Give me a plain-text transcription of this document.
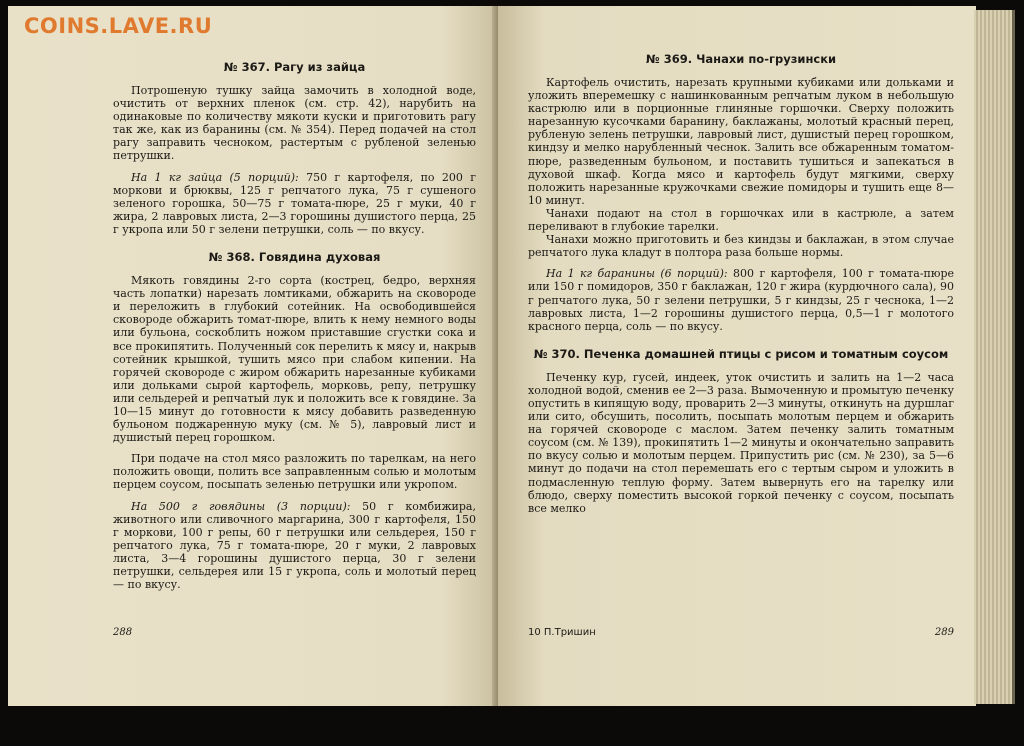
№ 367. Рагу из зайца

Потрошеную тушку зайца замочить в холодной воде, очистить от верхних пленок (см. стр. 42), нарубить на одинаковые по количеству мякоти куски и приготовить рагу так же, как из баранины (см. № 354). Перед подачей на стол рагу заправить чесноком, растертым с рубленой зеленью петрушки.

На 1 кг зайца (5 порций): 750 г картофеля, по 200 г моркови и брюквы, 125 г репчатого лука, 75 г сушеного зеленого горошка, 50—75 г томата-пюре, 25 г муки, 40 г жира, 2 лавровых листа, 2—3 горошины душистого перца, 25 г укропа или 50 г зелени петрушки, соль — по вкусу.

№ 368. Говядина духовая

Мякоть говядины 2-го сорта (кострец, бедро, верхняя часть лопатки) нарезать ломтиками, обжарить на сковороде и переложить в глубокий сотейник. На освободившейся сковороде обжарить томат-пюре, влить к нему немного воды или бульона, соскоблить ножом приставшие сгустки сока и все прокипятить. Полученный сок перелить к мясу и, накрыв сотейник крышкой, тушить мясо при слабом кипении. На горячей сковороде с жиром обжарить нарезанные кубиками или дольками сырой картофель, морковь, репу, петрушку или сельдерей и репчатый лук и положить все к говядине. За 10—15 минут до готовности к мясу добавить разведенную бульоном поджаренную муку (см. № 5), лавровый лист и душистый перец горошком.

При подаче на стол мясо разложить по тарелкам, на него положить овощи, полить все заправленным солью и молотым перцем соусом, посыпать зеленью петрушки или укропом.

На 500 г говядины (3 порции): 50 г комбижира, животного или сливочного маргарина, 300 г картофеля, 150 г моркови, 100 г репы, 60 г петрушки или сельдерея, 150 г репчатого лука, 75 г томата-пюре, 20 г муки, 2 лавровых листа, 3—4 горошины душистого перца, 30 г зелени петрушки, сельдерея или 15 г укропа, соль и молотый перец — по вкусу.

288
№ 369. Чанахи по-грузински

Картофель очистить, нарезать крупными кубиками или дольками и уложить вперемешку с нашинкованным репчатым луком в небольшую кастрюлю или в порционные глиняные горшочки. Сверху положить нарезанную кусочками баранину, баклажаны, молотый красный перец, рубленую зелень петрушки, лавровый лист, душистый перец горошком, киндзу и мелко нарубленный чеснок. Залить все обжаренным томатом-пюре, разведенным бульоном, и поставить тушиться и запекаться в духовой шкаф. Когда мясо и картофель будут мягкими, сверху положить нарезанные кружочками свежие помидоры и тушить еще 8—10 минут.

Чанахи подают на стол в горшочках или в кастрюле, а затем переливают в глубокие тарелки.

Чанахи можно приготовить и без киндзы и баклажан, в этом случае репчатого лука кладут в полтора раза больше нормы.

На 1 кг баранины (6 порций): 800 г картофеля, 100 г томата-пюре или 150 г помидоров, 350 г баклажан, 120 г жира (курдючного сала), 90 г репчатого лука, 50 г зелени петрушки, 5 г киндзы, 25 г чеснока, 1—2 лавровых листа, 1—2 горошины душистого перца, 0,5—1 г молотого красного перца, соль — по вкусу.

№ 370. Печенка домашней птицы с рисом и томатным соусом

Печенку кур, гусей, индеек, уток очистить и залить на 1—2 часа холодной водой, сменив ее 2—3 раза. Вымоченную и промытую печенку опустить в кипящую воду, проварить 2—3 минуты, откинуть на дуршлаг или сито, обсушить, посолить, посыпать молотым перцем и обжарить на горячей сковороде с маслом. Затем печенку залить томатным соусом (см. № 139), прокипятить 1—2 минуты и окончательно заправить по вкусу солью и молотым перцем. Припустить рис (см. № 230), за 5—6 минут до подачи на стол перемешать его с тертым сыром и уложить в подмасленную теплую форму. Затем вывернуть его на тарелку или блюдо, сверху поместить высокой горкой печенку с соусом, посыпать все мелко

10 П.Тришин	289
COINS.LAVE.RU
